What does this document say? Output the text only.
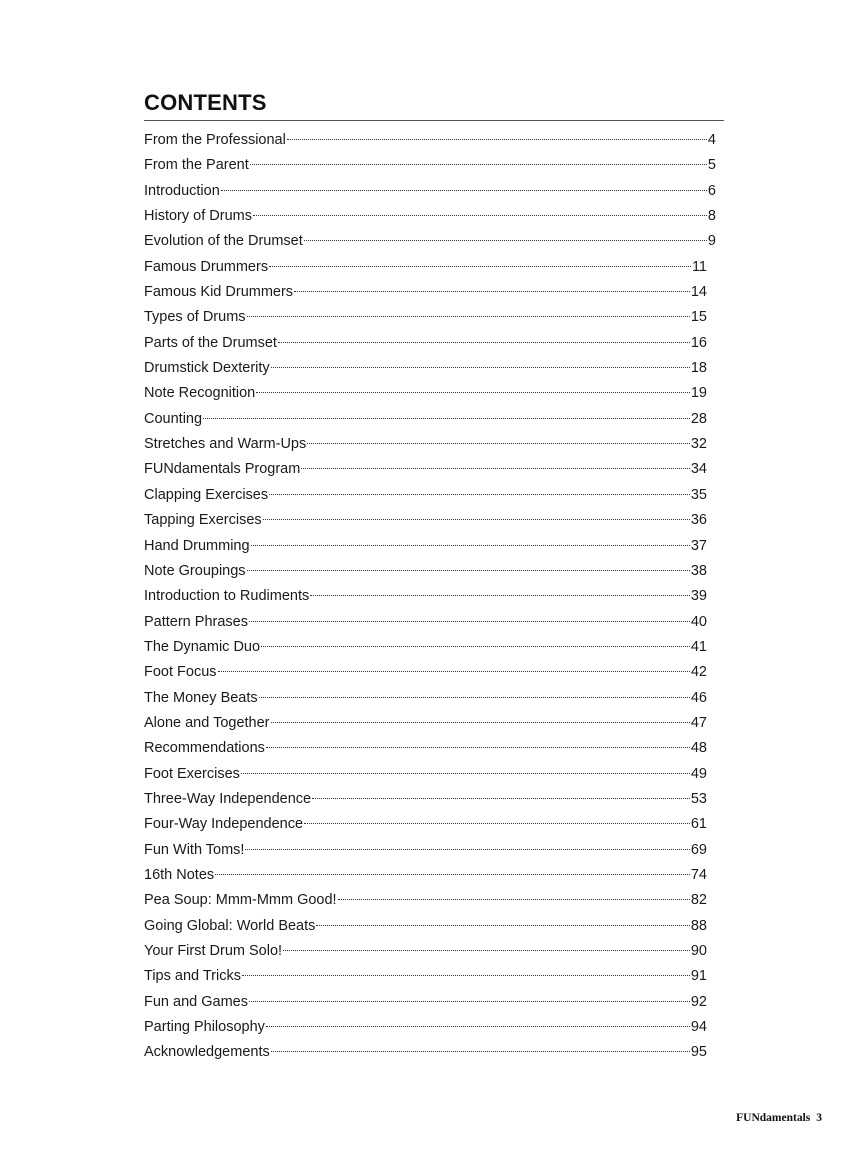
CONTENTS
From the Professional	4
From the Parent	5
Introduction	6
History of Drums	8
Evolution of the Drumset	9
Famous Drummers	11
Famous Kid Drummers	14
Types of Drums	15
Parts of the Drumset	16
Drumstick Dexterity	18
Note Recognition	19
Counting	28
Stretches and Warm-Ups	32
FUNdamentals Program	34
Clapping Exercises	35
Tapping Exercises	36
Hand Drumming	37
Note Groupings	38
Introduction to Rudiments	39
Pattern Phrases	40
The Dynamic Duo	41
Foot Focus	42
The Money Beats	46
Alone and Together	47
Recommendations	48
Foot Exercises	49
Three-Way Independence	53
Four-Way Independence	61
Fun With Toms!	69
16th Notes	74
Pea Soup: Mmm-Mmm Good!	82
Going Global: World Beats	88
Your First Drum Solo!	90
Tips and Tricks	91
Fun and Games	92
Parting Philosophy	94
Acknowledgements	95
FUNdamentals 3
